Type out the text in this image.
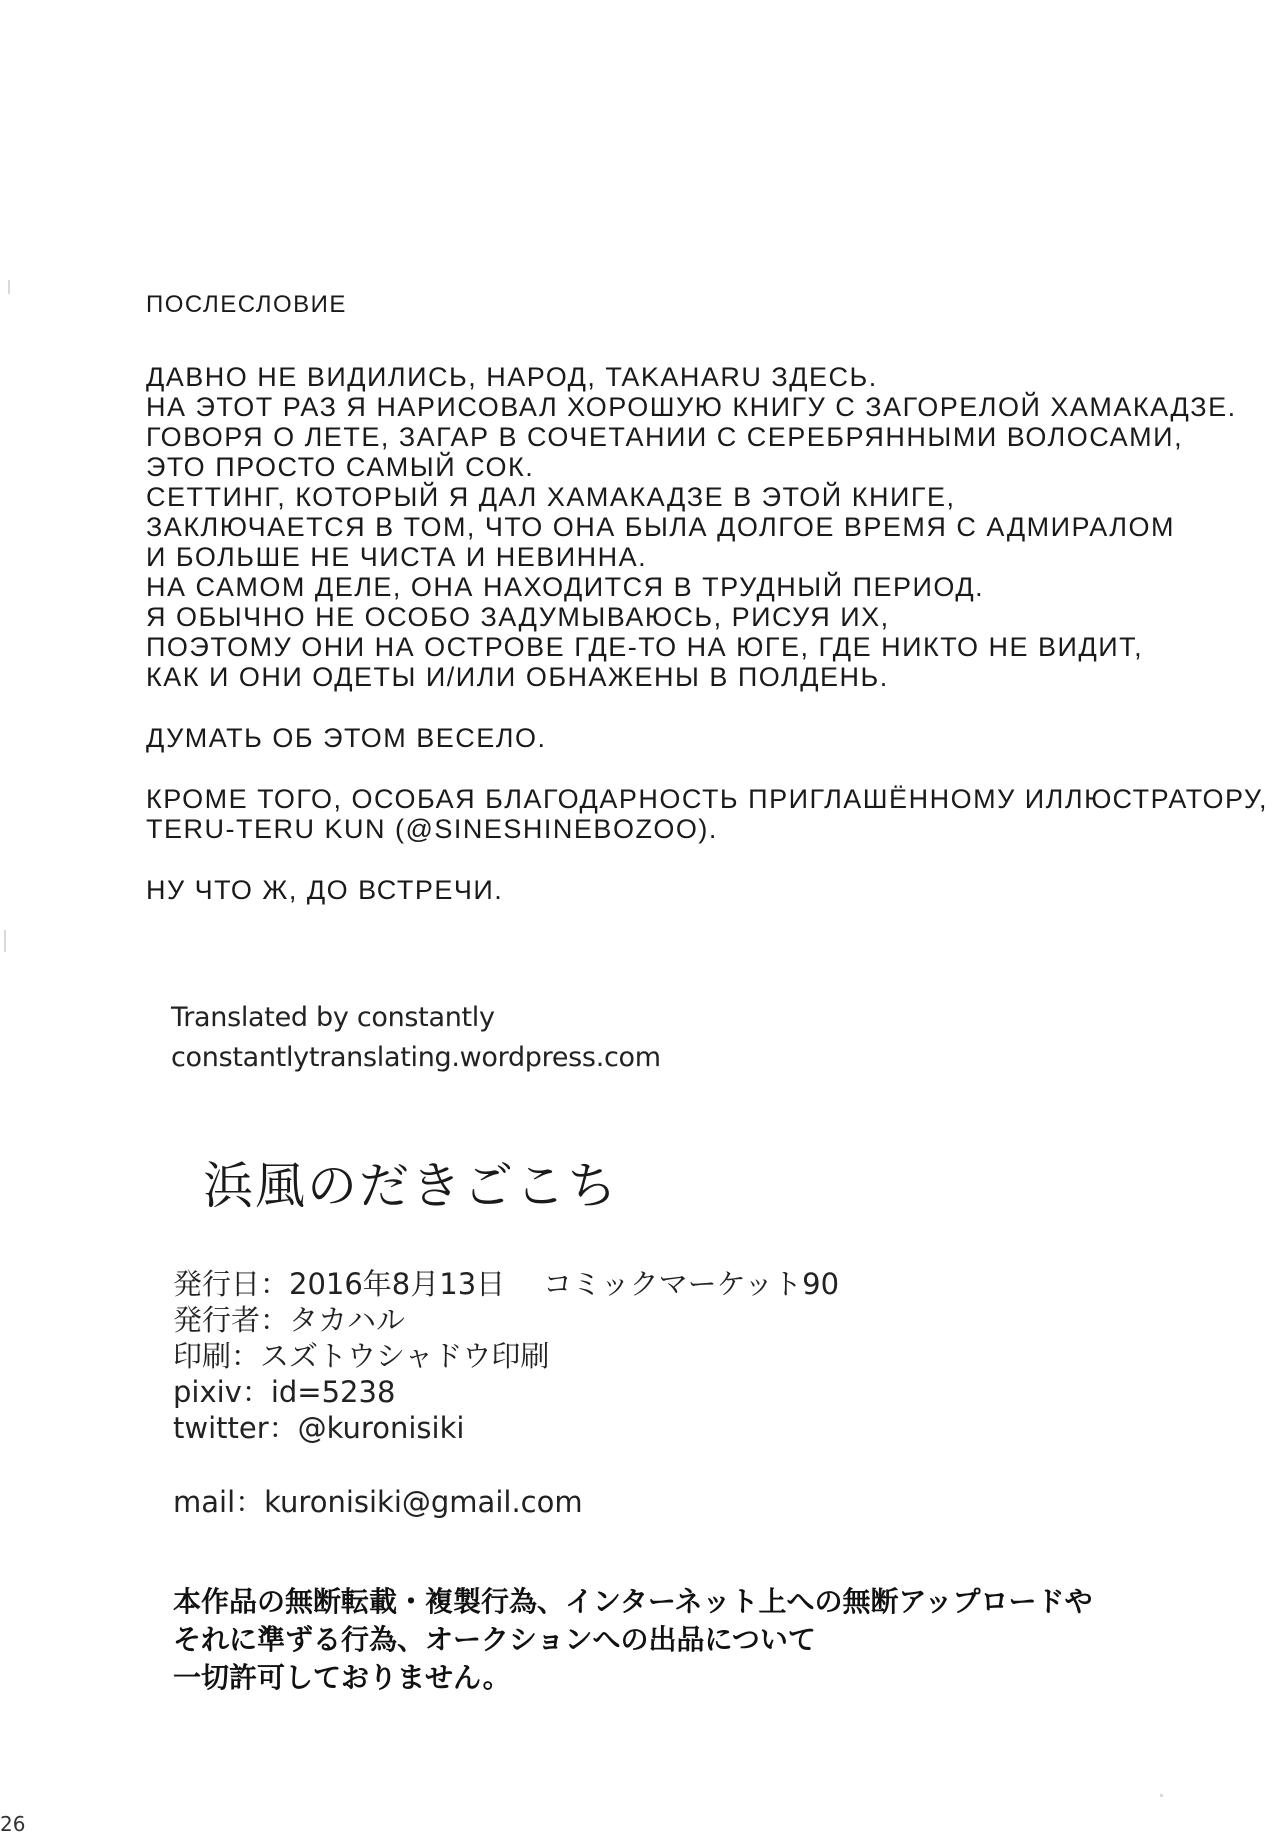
ПОСЛЕСЛОВИЕ
ДАВНО НЕ ВИДИЛИСЬ, НАРОД, TAKAHARU ЗДЕСЬ.
НА ЭТОТ РАЗ Я НАРИСОВАЛ ХОРОШУЮ КНИГУ С ЗАГОРЕЛОЙ ХАМАКАДЗЕ.
ГОВОРЯ О ЛЕТЕ, ЗАГАР В СОЧЕТАНИИ С СЕРЕБРЯННЫМИ ВОЛОСАМИ,
ЭТО ПРОСТО САМЫЙ СОК.
СЕТТИНГ, КОТОРЫЙ Я ДАЛ ХАМАКАДЗЕ В ЭТОЙ КНИГЕ,
ЗАКЛЮЧАЕТСЯ В ТОМ, ЧТО ОНА БЫЛА ДОЛГОЕ ВРЕМЯ С АДМИРАЛОМ
И БОЛЬШЕ НЕ ЧИСТА И НЕВИННА.
НА САМОМ ДЕЛЕ, ОНА НАХОДИТСЯ В ТРУДНЫЙ ПЕРИОД.
Я ОБЫЧНО НЕ ОСОБО ЗАДУМЫВАЮСЬ, РИСУЯ ИХ,
ПОЭТОМУ ОНИ НА ОСТРОВЕ ГДЕ-ТО НА ЮГЕ, ГДЕ НИКТО НЕ ВИДИТ,
КАК И ОНИ ОДЕТЫ И/ИЛИ ОБНАЖЕНЫ В ПОЛДЕНЬ.
ДУМАТЬ ОБ ЭТОМ ВЕСЕЛО.
КРОМЕ ТОГО, ОСОБАЯ БЛАГОДАРНОСТЬ ПРИГЛАШЁННОМУ ИЛЛЮСТРАТОРУ,
TERU-TERU KUN (@SINESHINEBOZOO).
НУ ЧТО Ж, ДО ВСТРЕЧИ.
Translated by constantly
constantlytranslating.wordpress.com
浜風のだきごこち
発行日：2016年8月13日 コミックマーケット90
発行者：タカハル
印刷：スズトウシャドウ印刷
pixiv：id=5238
twitter：@kuronisiki
mail：kuronisiki@gmail.com
本作品の無断転載・複製行為、インターネット上への無断アップロードや
それに準ずる行為、オークションへの出品について
一切許可しておりません。
26
